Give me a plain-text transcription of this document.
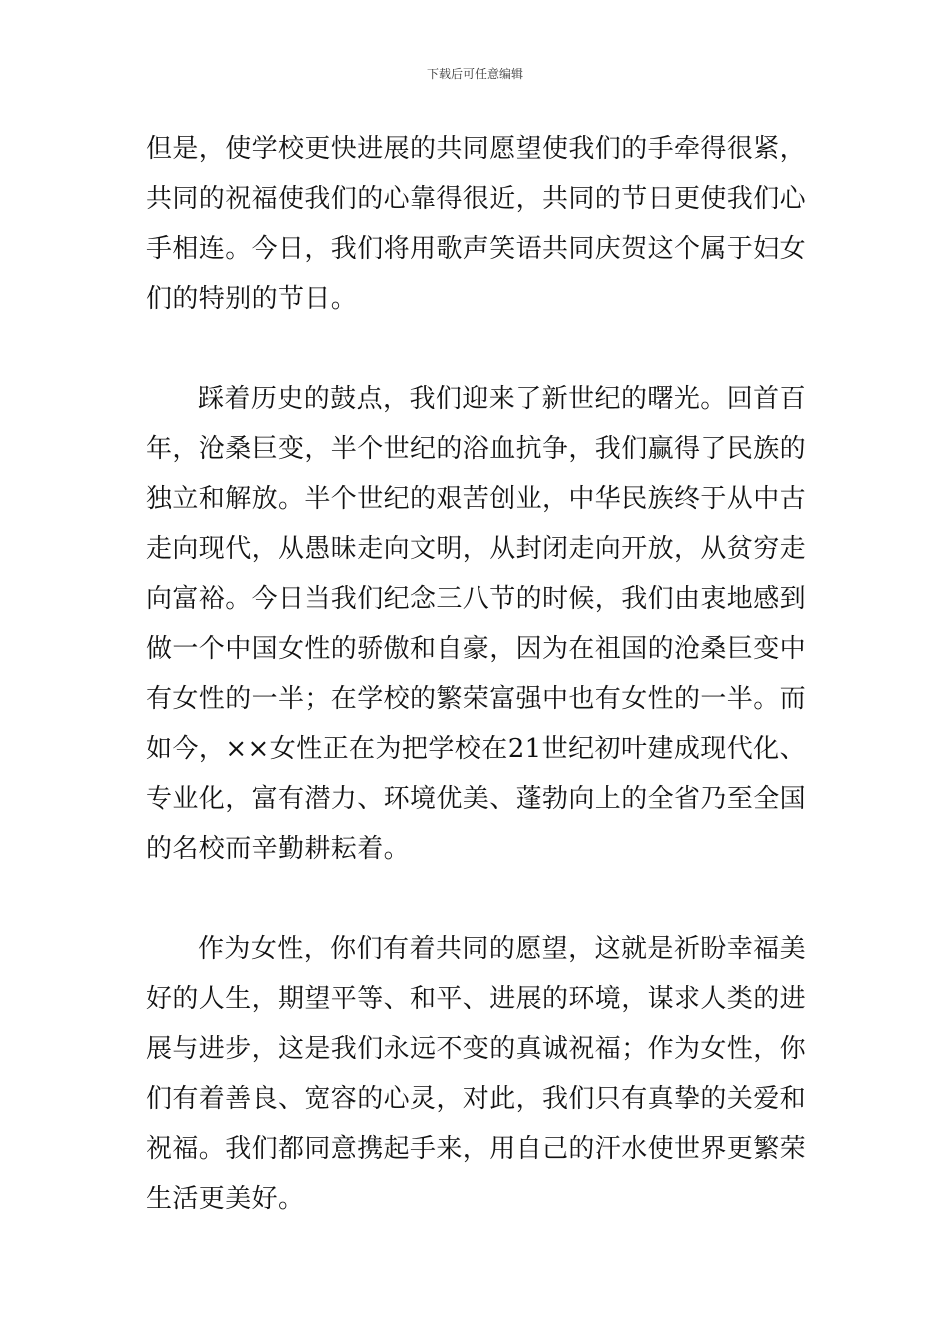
下载后可任意编辑

但是，使学校更快进展的共同愿望使我们的手牵得很紧，共同的祝福使我们的心靠得很近，共同的节日更使我们心手相连。今日，我们将用歌声笑语共同庆贺这个属于妇女们的特别的节日。

踩着历史的鼓点，我们迎来了新世纪的曙光。回首百年，沧桑巨变，半个世纪的浴血抗争，我们赢得了民族的独立和解放。半个世纪的艰苦创业，中华民族终于从中古走向现代，从愚昧走向文明，从封闭走向开放，从贫穷走向富裕。今日当我们纪念三八节的时候，我们由衷地感到做一个中国女性的骄傲和自豪，因为在祖国的沧桑巨变中有女性的一半；在学校的繁荣富强中也有女性的一半。而如今，××女性正在为把学校在21世纪初叶建成现代化、专业化，富有潜力、环境优美、蓬勃向上的全省乃至全国的名校而辛勤耕耘着。

作为女性，你们有着共同的愿望，这就是祈盼幸福美好的人生，期望平等、和平、进展的环境，谋求人类的进展与进步，这是我们永远不变的真诚祝福；作为女性，你们有着善良、宽容的心灵，对此，我们只有真挚的关爱和祝福。我们都同意携起手来，用自己的汗水使世界更繁荣生活更美好。
